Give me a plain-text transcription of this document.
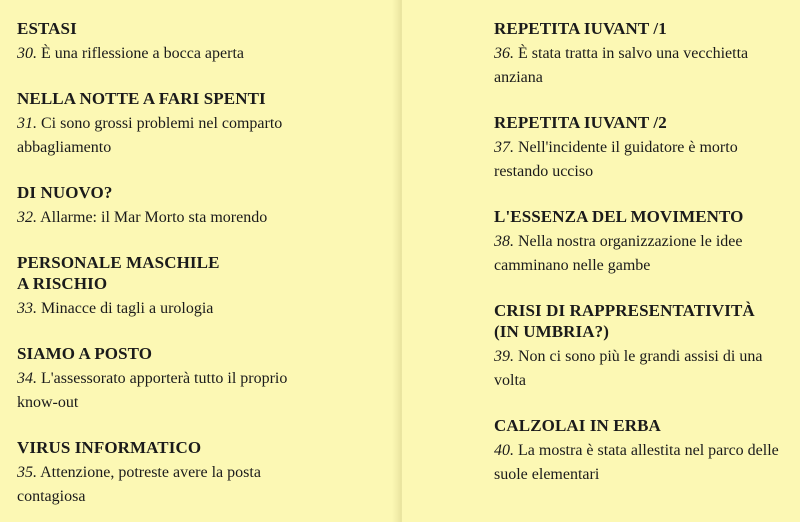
ESTASI

30. È una riflessione a bocca aperta

NELLA NOTTE A FARI SPENTI

31. Ci sono grossi problemi nel comparto abbagliamento

DI NUOVO?

32. Allarme: il Mar Morto sta morendo

PERSONALE MASCHILE
A RISCHIO

33. Minacce di tagli a urologia

SIAMO A POSTO

34. L'assessorato apporterà tutto il proprio know-out

VIRUS INFORMATICO

35. Attenzione, potreste avere la posta contagiosa

REPETITA IUVANT /1

36. È stata tratta in salvo una vecchietta anziana

REPETITA IUVANT /2

37. Nell'incidente il guidatore è morto restando ucciso

L'ESSENZA DEL MOVIMENTO

38. Nella nostra organizzazione le idee camminano nelle gambe

CRISI DI RAPPRESENTATIVITÀ
(IN UMBRIA?)

39. Non ci sono più le grandi assisi di una volta

CALZOLAI IN ERBA

40. La mostra è stata allestita nel parco delle suole elementari
